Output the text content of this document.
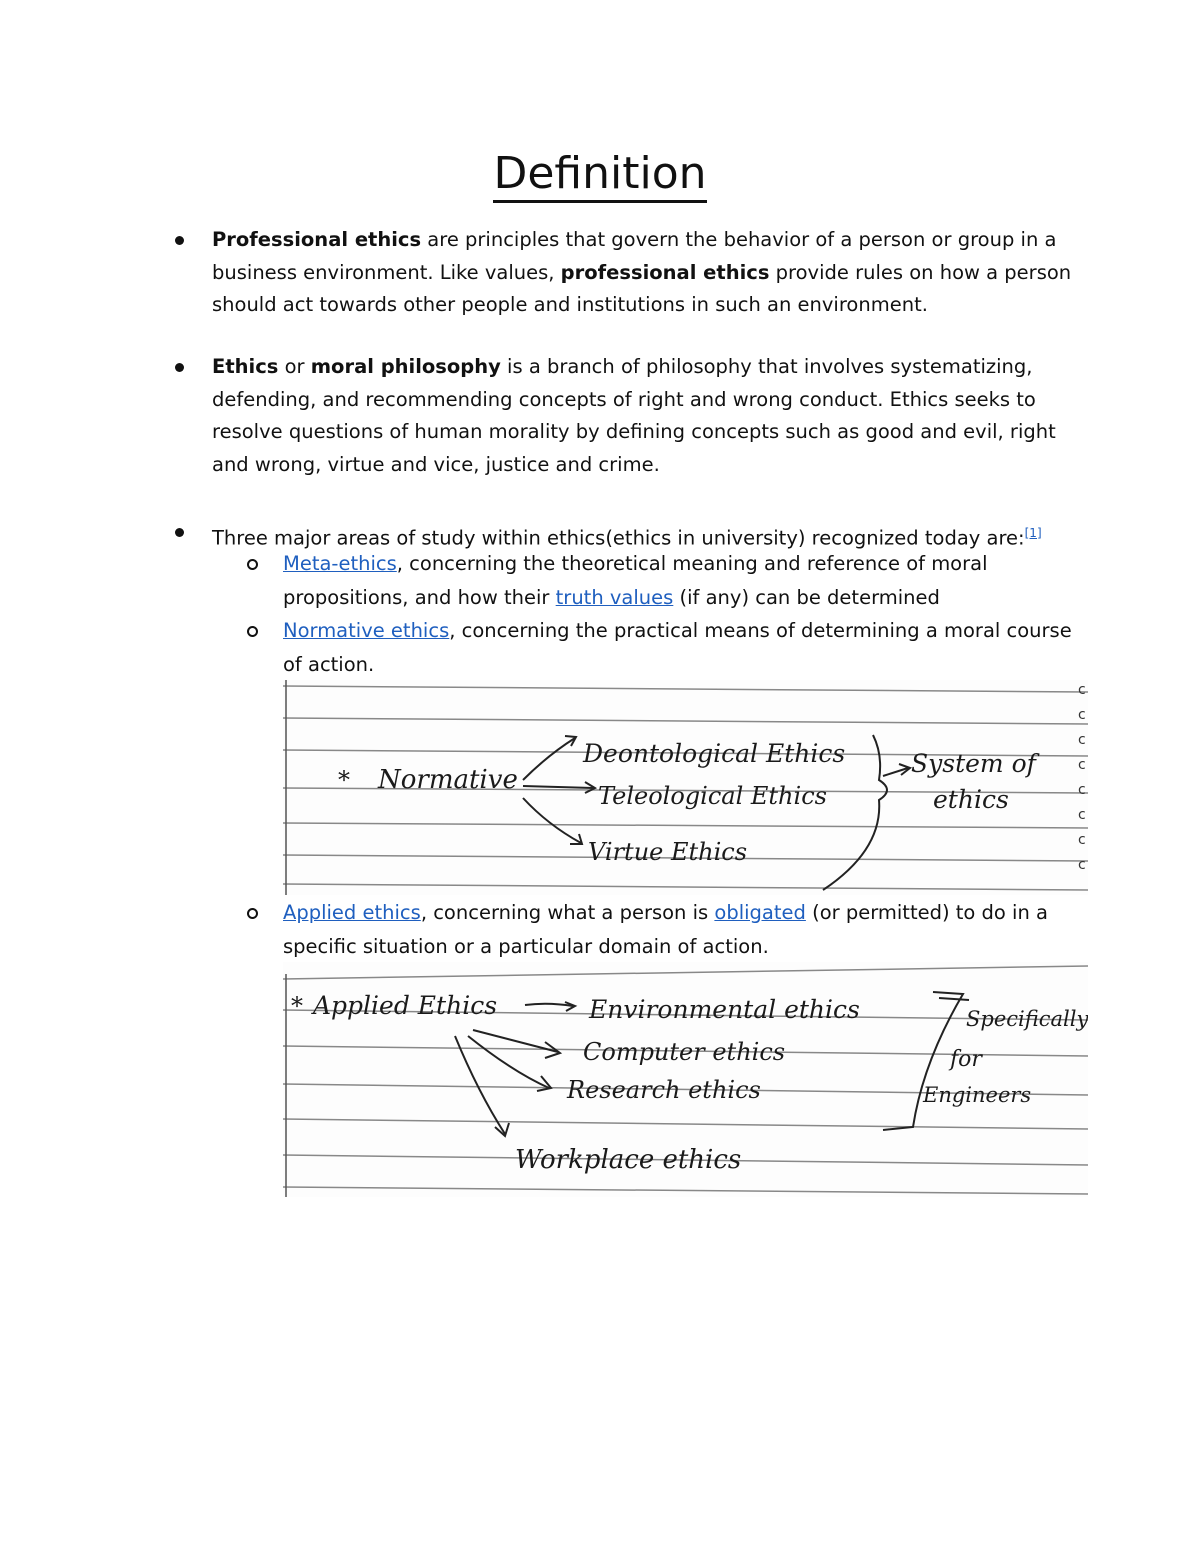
Definition
Professional ethics are principles that govern the behavior of a person or group in a business environment. Like values, professional ethics provide rules on how a person should act towards other people and institutions in such an environment.
Ethics or moral philosophy is a branch of philosophy that involves systematizing, defending, and recommending concepts of right and wrong conduct. Ethics seeks to resolve questions of human morality by defining concepts such as good and evil, right and wrong, virtue and vice, justice and crime.
Three major areas of study within ethics(ethics in university) recognized today are:[1]
Meta-ethics, concerning the theoretical meaning and reference of moral propositions, and how their truth values (if any) can be determined
Normative ethics, concerning the practical means of determining a moral course of action.
c
c
c
c
c
c
c
c
* Normative
Deontological Ethics
Teleological Ethics
Virtue Ethics
System of
ethics
Applied ethics, concerning what a person is obligated (or permitted) to do in a specific situation or a particular domain of action.
* Applied Ethics	Environmental ethics
Computer ethics
Research ethics
Workplace ethics
Specifically
for
Engineers
